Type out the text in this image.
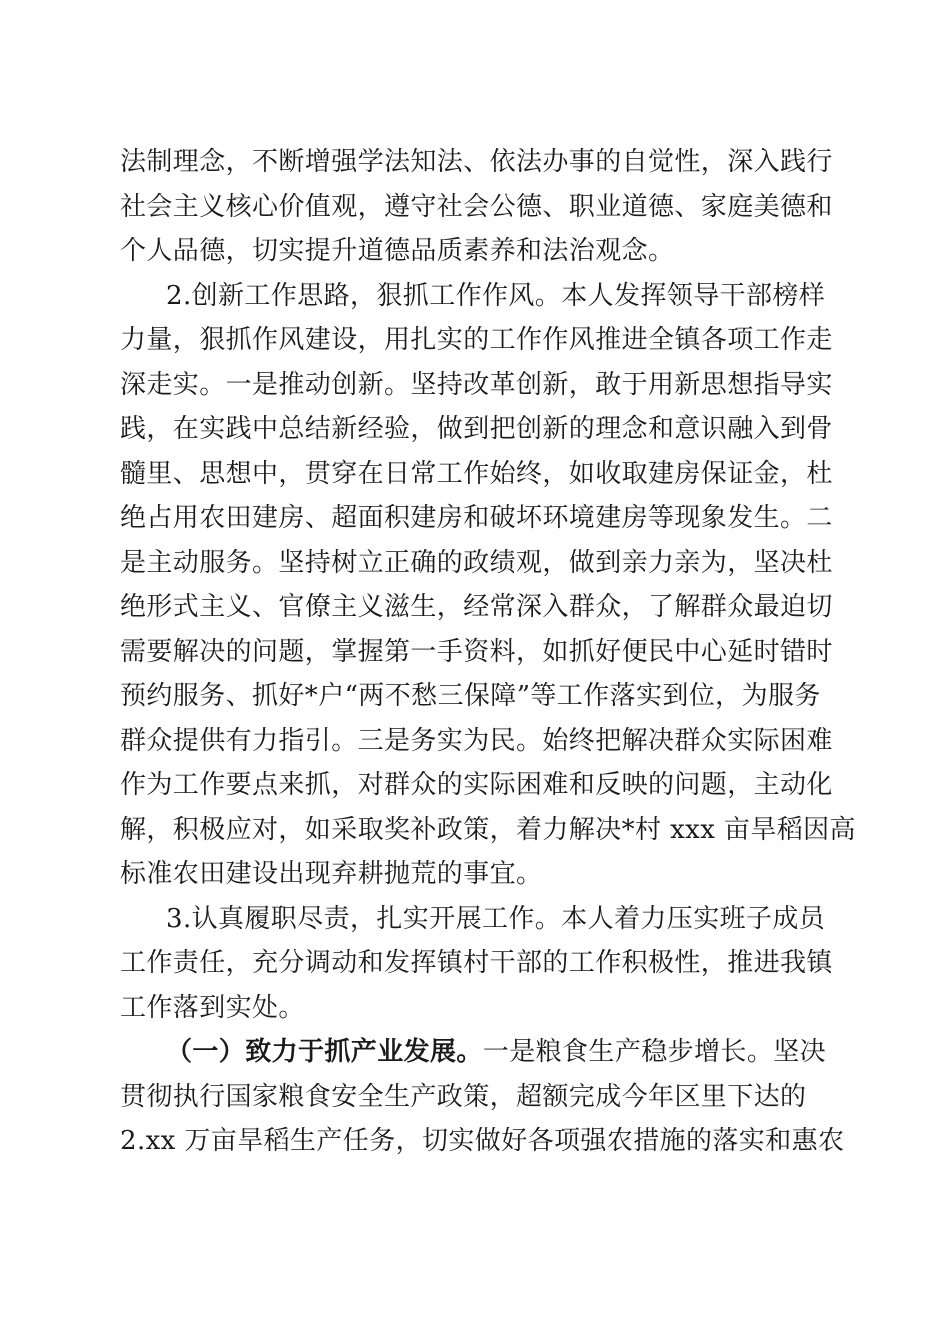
法制理念，不断增强学法知法、依法办事的自觉性，深入践行
社会主义核心价值观，遵守社会公德、职业道德、家庭美德和
个人品德，切实提升道德品质素养和法治观念。
2.创新工作思路，狠抓工作作风。本人发挥领导干部榜样
力量，狠抓作风建设，用扎实的工作作风推进全镇各项工作走
深走实。一是推动创新。坚持改革创新，敢于用新思想指导实
践，在实践中总结新经验，做到把创新的理念和意识融入到骨
髓里、思想中，贯穿在日常工作始终，如收取建房保证金，杜
绝占用农田建房、超面积建房和破坏环境建房等现象发生。二
是主动服务。坚持树立正确的政绩观，做到亲力亲为，坚决杜
绝形式主义、官僚主义滋生，经常深入群众，了解群众最迫切
需要解决的问题，掌握第一手资料，如抓好便民中心延时错时
预约服务、抓好*户“两不愁三保障”等工作落实到位，为服务
群众提供有力指引。三是务实为民。始终把解决群众实际困难
作为工作要点来抓，对群众的实际困难和反映的问题，主动化
解，积极应对，如采取奖补政策，着力解决*村 xxx 亩旱稻因高
标准农田建设出现弃耕抛荒的事宜。
3.认真履职尽责，扎实开展工作。本人着力压实班子成员
工作责任，充分调动和发挥镇村干部的工作积极性，推进我镇
工作落到实处。
（一）致力于抓产业发展。一是粮食生产稳步增长。坚决
贯彻执行国家粮食安全生产政策，超额完成今年区里下达的
2.xx 万亩旱稻生产任务，切实做好各项强农措施的落实和惠农
